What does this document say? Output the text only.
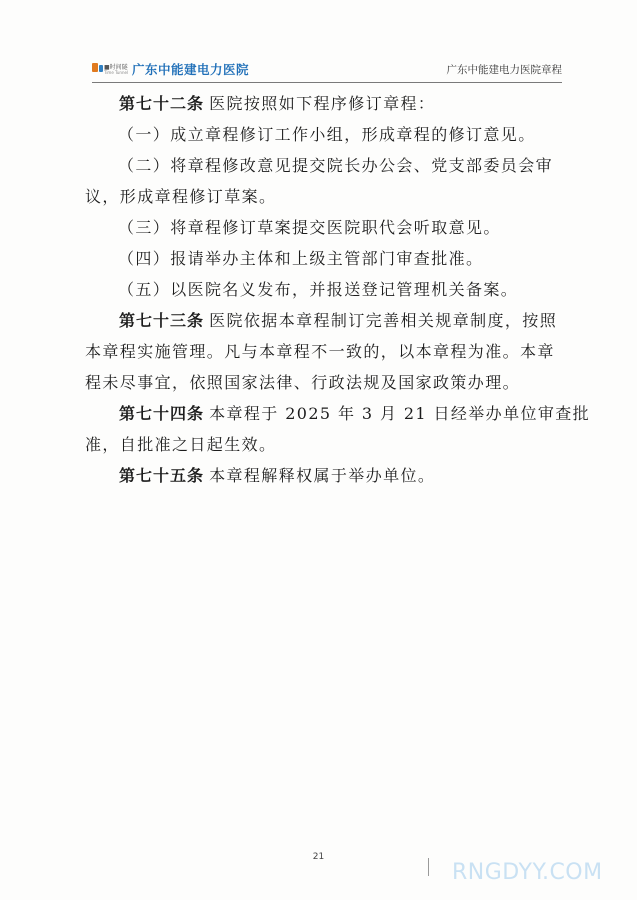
■时间隧
Time Tunnel 广东中能建电力医院	广东中能建电力医院章程
第七十二条 医院按照如下程序修订章程：
（一）成立章程修订工作小组，形成章程的修订意见。
（二）将章程修改意见提交院长办公会、党支部委员会审
议，形成章程修订草案。
（三）将章程修订草案提交医院职代会听取意见。
（四）报请举办主体和上级主管部门审查批准。
（五）以医院名义发布，并报送登记管理机关备案。
第七十三条 医院依据本章程制订完善相关规章制度，按照
本章程实施管理。凡与本章程不一致的，以本章程为准。本章
程未尽事宜，依照国家法律、行政法规及国家政策办理。
第七十四条 本章程于 2025 年 3 月 21 日经举办单位审查批
准，自批准之日起生效。
第七十五条 本章程解释权属于举办单位。
21
RNGDYY.COM
